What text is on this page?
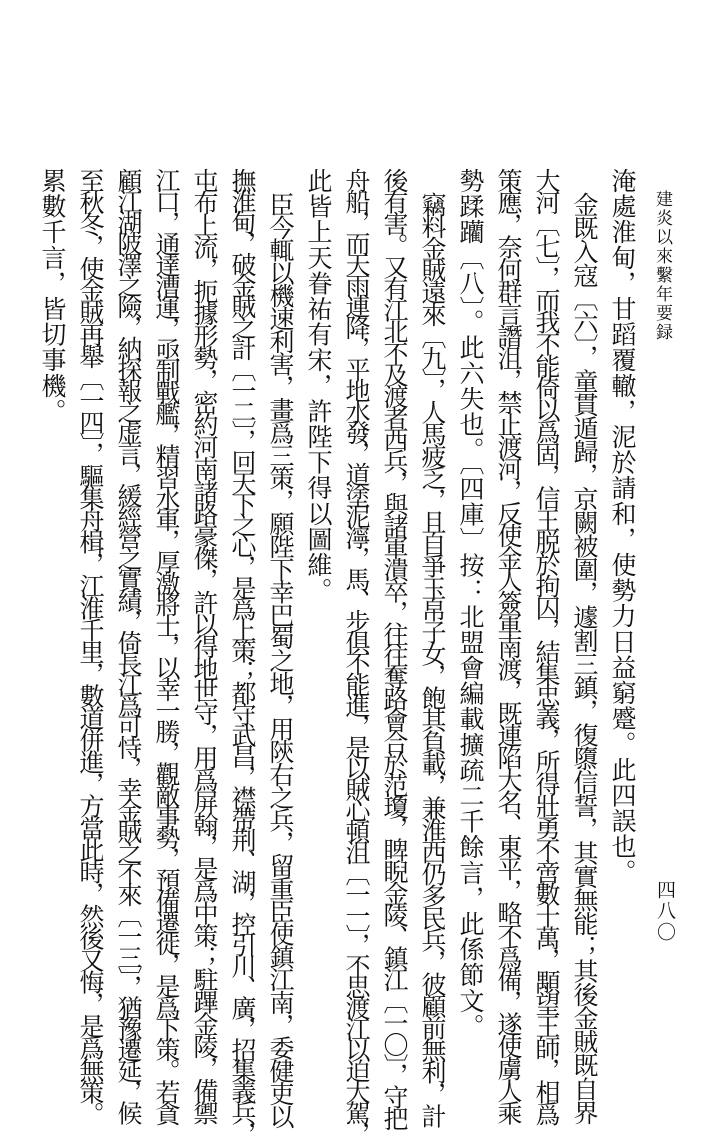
建炎以來繫年要録
四八〇
淹處淮甸，甘蹈覆轍，泥於請和，使勢力日益窮蹙。此四誤也。
金既入寇〔六〕，童貫遁歸，京闕被圍，遽割三鎮，復隳信誓，其實無能；其後金賊既自界
大河〔七〕，而我不能倚以爲固，信王脱於拘囚，結集忠義，所得壯勇不啻數十萬，顒望王師，相爲
策應，奈何群言譖沮，禁止渡河，反使金人簽軍南渡，既連陷大名、東平，略不爲備，遂使虜人乘
勢蹂躪〔八〕。此六失也。〔四庫〕按：北盟會編載擴疏二千餘言，此係節文。
竊料金賊遠來〔九〕，人馬疲乏，且自爭玉帛子女，飽其負載，兼淮西仍多民兵，彼顧前無利，計
後有害。又有江北不及渡者西兵，與諸軍潰卒，往往奪路會合於范瓊，睥睨金陵、鎮江〔一〇〕，守把
舟船，而天雨連降，平地水發，道塗泥濘，馬、步俱不能進，是以賊心頓沮〔一一〕，不思渡江以迫大駕，
此皆上天眷祐有宋，許陛下得以圖維。
臣今輒以機速利害，畫爲三策，願陛下幸巴蜀之地，用陝右之兵，留重臣使鎮江南，委健吏以
撫淮甸，破金賊之計〔一二〕，回天下之心，是爲上策；都守武昌，襟帶荆、湖，控引川、廣，招集義兵，
屯布上流，扼據形勢，密約河南諸路豪傑，許以得地世守，用爲屏翰，是爲中策；駐蹕金陵，備禦
江口，通達漕運，亟制戰艦，精習水軍，厚激將士，以幸一勝，觀敵事勢，預備遷徙，是爲下策。若貪
顧江湖陂澤之險，納探報之虚言，緩經營之實績，倚長江爲可恃，幸金賊之不來〔一三〕，猶豫遷延，候
至秋冬，使金賊再舉〔一四〕，驅集舟楫，江淮千里，數道併進，方當此時，然後又悔，是爲無策。
累數千言，皆切事機。
